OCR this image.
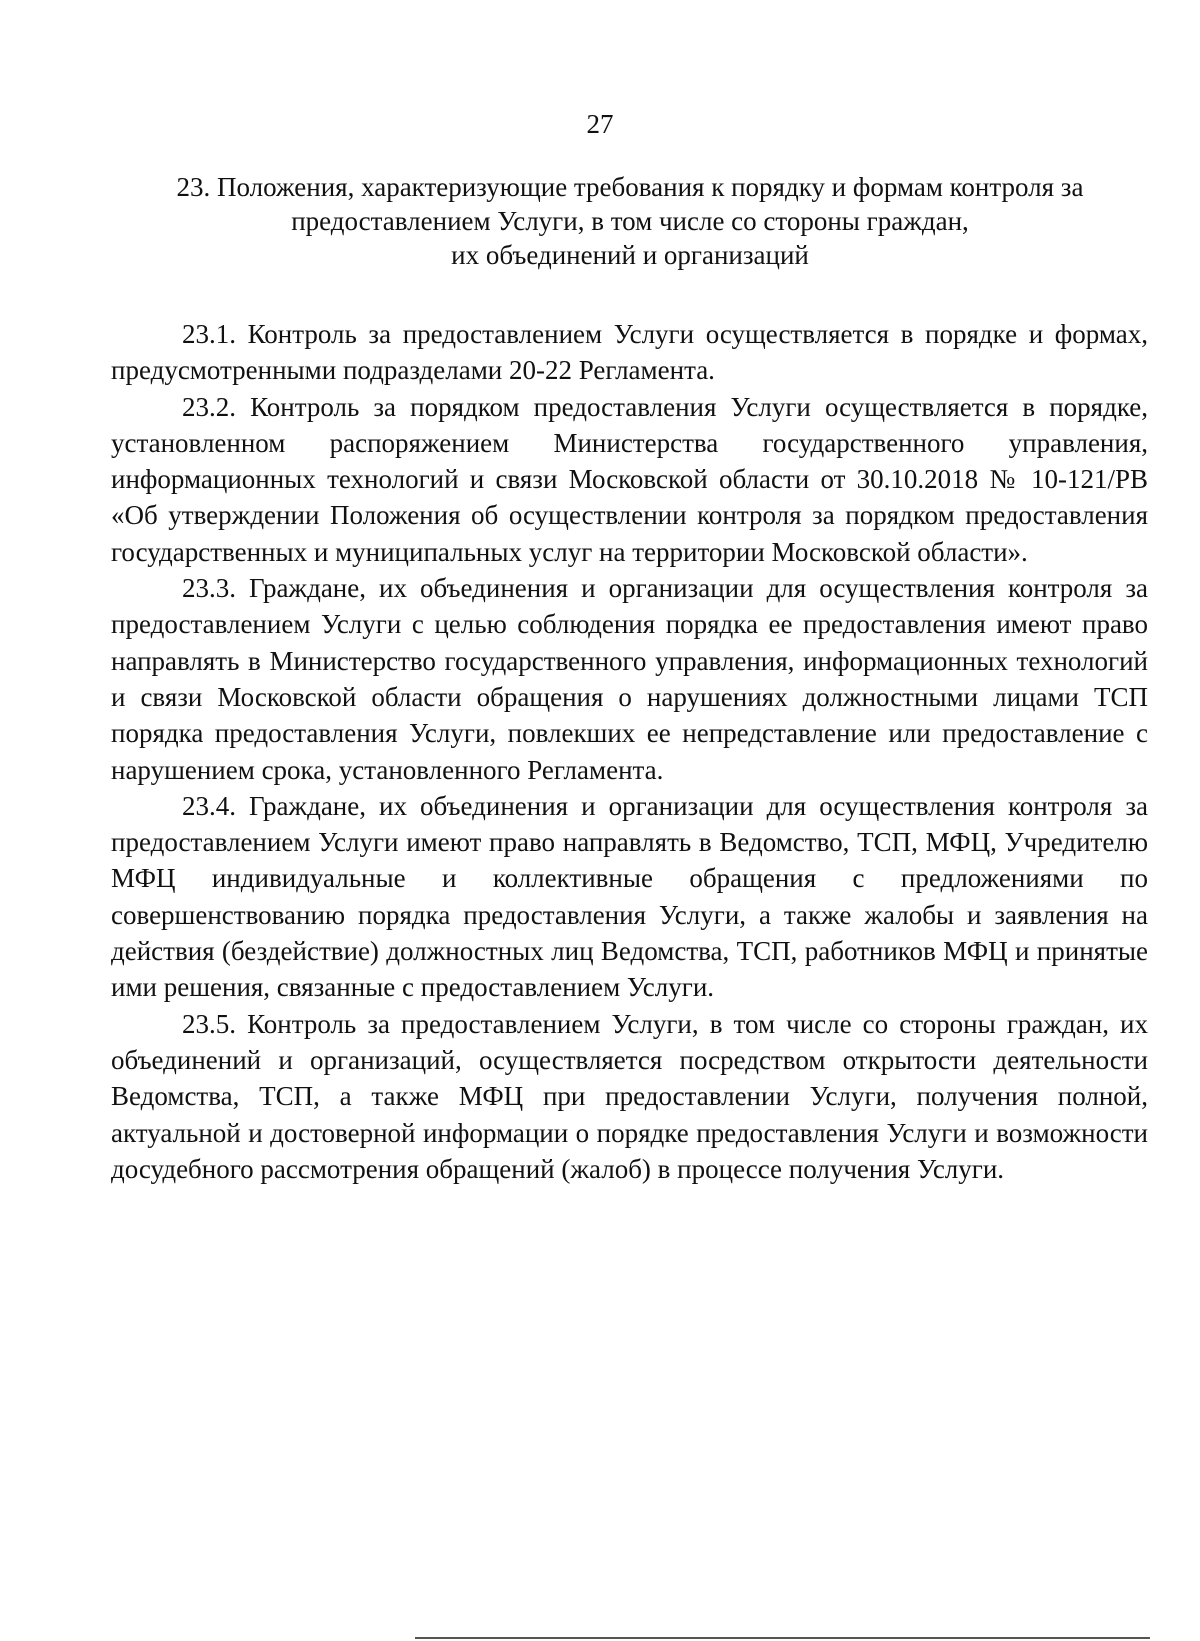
27
23. Положения, характеризующие требования к порядку и формам контроля за
предоставлением Услуги, в том числе со стороны граждан,
их объединений и организаций

23.1. Контроль за предоставлением Услуги осуществляется в порядке и формах, предусмотренными подразделами 20-22 Регламента.

23.2. Контроль за порядком предоставления Услуги осуществляется в порядке, установленном распоряжением Министерства государственного управления, информационных технологий и связи Московской области от 30.10.2018 № 10-121/РВ «Об утверждении Положения об осуществлении контроля за порядком предоставления государственных и муниципальных услуг на территории Московской области».

23.3. Граждане, их объединения и организации для осуществления контроля за предоставлением Услуги с целью соблюдения порядка ее предоставления имеют право направлять в Министерство государственного управления, информационных технологий и связи Московской области обращения о нарушениях должностными лицами ТСП порядка предоставления Услуги, повлекших ее непредставление или предоставление с нарушением срока, установленного Регламента.

23.4. Граждане, их объединения и организации для осуществления контроля за предоставлением Услуги имеют право направлять в Ведомство, ТСП, МФЦ, Учредителю МФЦ индивидуальные и коллективные обращения с предложениями по совершенствованию порядка предоставления Услуги, а также жалобы и заявления на действия (бездействие) должностных лиц Ведомства, ТСП, работников МФЦ и принятые ими решения, связанные с предоставлением Услуги.

23.5. Контроль за предоставлением Услуги, в том числе со стороны граждан, их объединений и организаций, осуществляется посредством открытости деятельности Ведомства, ТСП, а также МФЦ при предоставлении Услуги, получения полной, актуальной и достоверной информации о порядке предоставления Услуги и возможности досудебного рассмотрения обращений (жалоб) в процессе получения Услуги.
